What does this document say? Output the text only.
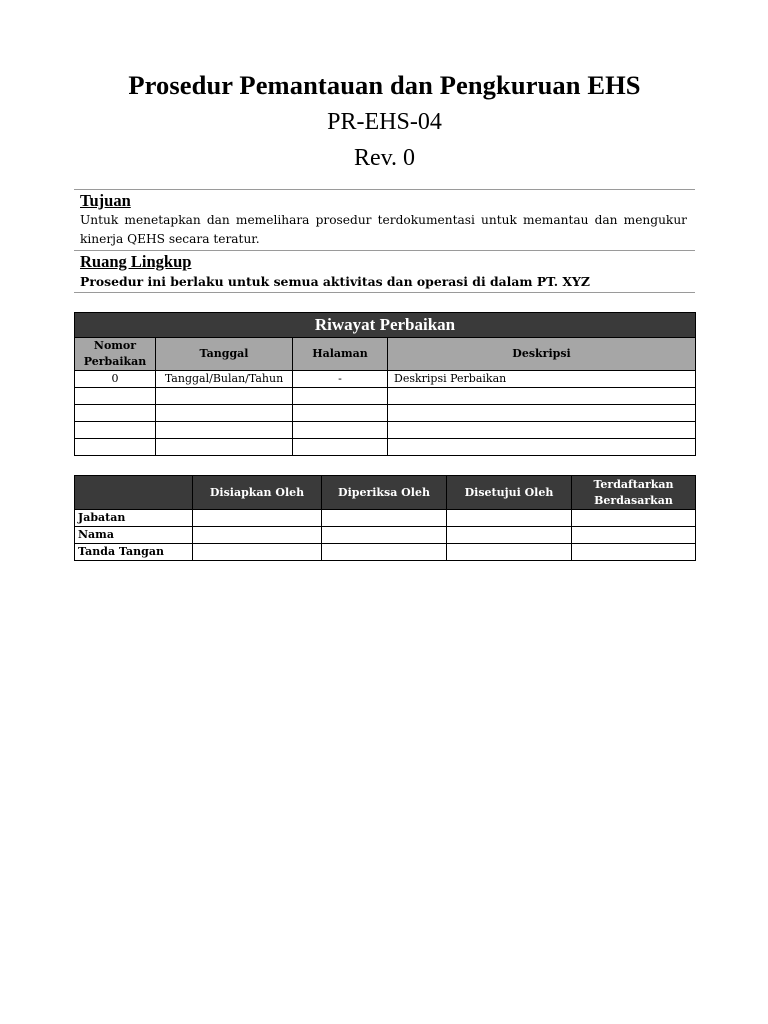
Prosedur Pemantauan dan Pengkuruan EHS
PR-EHS-04
Rev. 0
Tujuan
Untuk menetapkan dan memelihara prosedur terdokumentasi untuk memantau dan mengukur kinerja QEHS secara teratur.
Ruang Lingkup
Prosedur ini berlaku untuk semua aktivitas dan operasi di dalam PT. XYZ
Riwayat Perbaikan			
Nomor Perbaikan	Tanggal	Halaman	Deskripsi
0	Tanggal/Bulan/Tahun	-	Deskripsi Perbaikan

	Disiapkan Oleh	Diperiksa Oleh	Disetujui Oleh	Terdaftarkan Berdasarkan
Jabatan				
Nama				
Tanda Tangan				
